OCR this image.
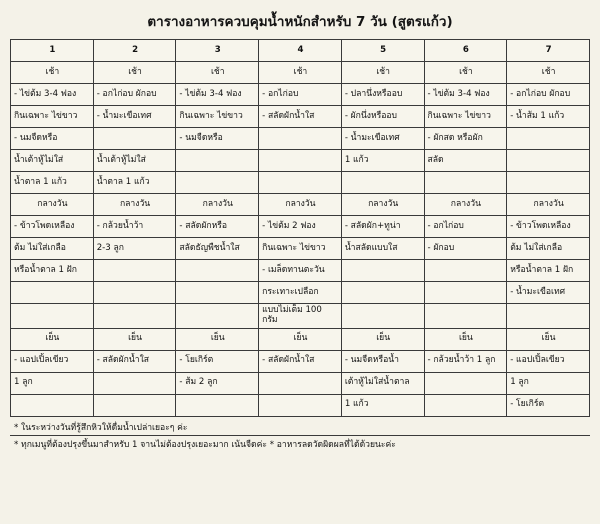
ตารางอาหารควบคุมน้ำหนักสำหรับ 7 วัน (สูตรแก้ว)
1	2	3	4	5	6	7
เช้า	เช้า	เช้า	เช้า	เช้า	เช้า	เช้า
- ไข่ต้ม 3-4 ฟอง	- อกไก่อบ ผักอบ	- ไข่ต้ม 3-4 ฟอง	- อกไก่อบ	- ปลานึ่งหรืออบ	- ไข่ต้ม 3-4 ฟอง	- อกไก่อบ ผักอบ
กินเฉพาะ ไข่ขาว	- น้ำมะเขือเทศ	กินเฉพาะ ไข่ขาว	- สลัดผักน้ำใส	- ผักนึ่งหรืออบ	กินเฉพาะ ไข่ขาว	- น้ำส้ม 1 แก้ว
- นมจืดหรือ		- นมจืดหรือ		- น้ำมะเขือเทศ	- ผักสด หรือผัก	
น้ำเต้าหู้ไม่ใส่	น้ำเต้าหู้ไม่ใส่			1 แก้ว	สลัด	
น้ำตาล 1 แก้ว	น้ำตาล 1 แก้ว					
กลางวัน	กลางวัน	กลางวัน	กลางวัน	กลางวัน	กลางวัน	กลางวัน
- ข้าวโพดเหลือง	- กล้วยน้ำว้า	- สลัดผักหรือ	- ไข่ต้ม 2 ฟอง	- สลัดผัก+ทูน่า	- อกไก่อบ	- ข้าวโพดเหลือง
ต้ม ไม่ใส่เกลือ	2-3 ลูก	สลัดธัญพืชน้ำใส	กินเฉพาะ ไข่ขาว	น้ำสลัดแบบใส	- ผักอบ	ต้ม ไม่ใส่เกลือ
หรือน้ำตาล 1 ฝัก			- เมล็ดทานตะวัน			หรือน้ำตาล 1 ฝัก
			กระเทาะเปลือก			- น้ำมะเขือเทศ
			แบบไม่เต็ม 100 กรัม			
เย็น	เย็น	เย็น	เย็น	เย็น	เย็น	เย็น
- แอปเปิ้ลเขียว	- สลัดผักน้ำใส	- โยเกิร์ต	- สลัดผักน้ำใส	- นมจืดหรือน้ำ	- กล้วยน้ำว้า 1 ลูก	- แอปเปิ้ลเขียว
1 ลูก		- ส้ม 2 ลูก		เต้าหู้ไม่ใส่น้ำตาล		1 ลูก
				1 แก้ว		- โยเกิร์ต
* ในระหว่างวันที่รู้สึกหิวให้ดื่มน้ำเปล่าเยอะๆ ค่ะ
* ทุกเมนูที่ต้องปรุงขึ้นมาสำหรับ 1 จานไม่ต้องปรุงเยอะมาก เน้นจืดค่ะ * อาหารลดวัดผิดผลที่ได้ด้วยนะค่ะ
